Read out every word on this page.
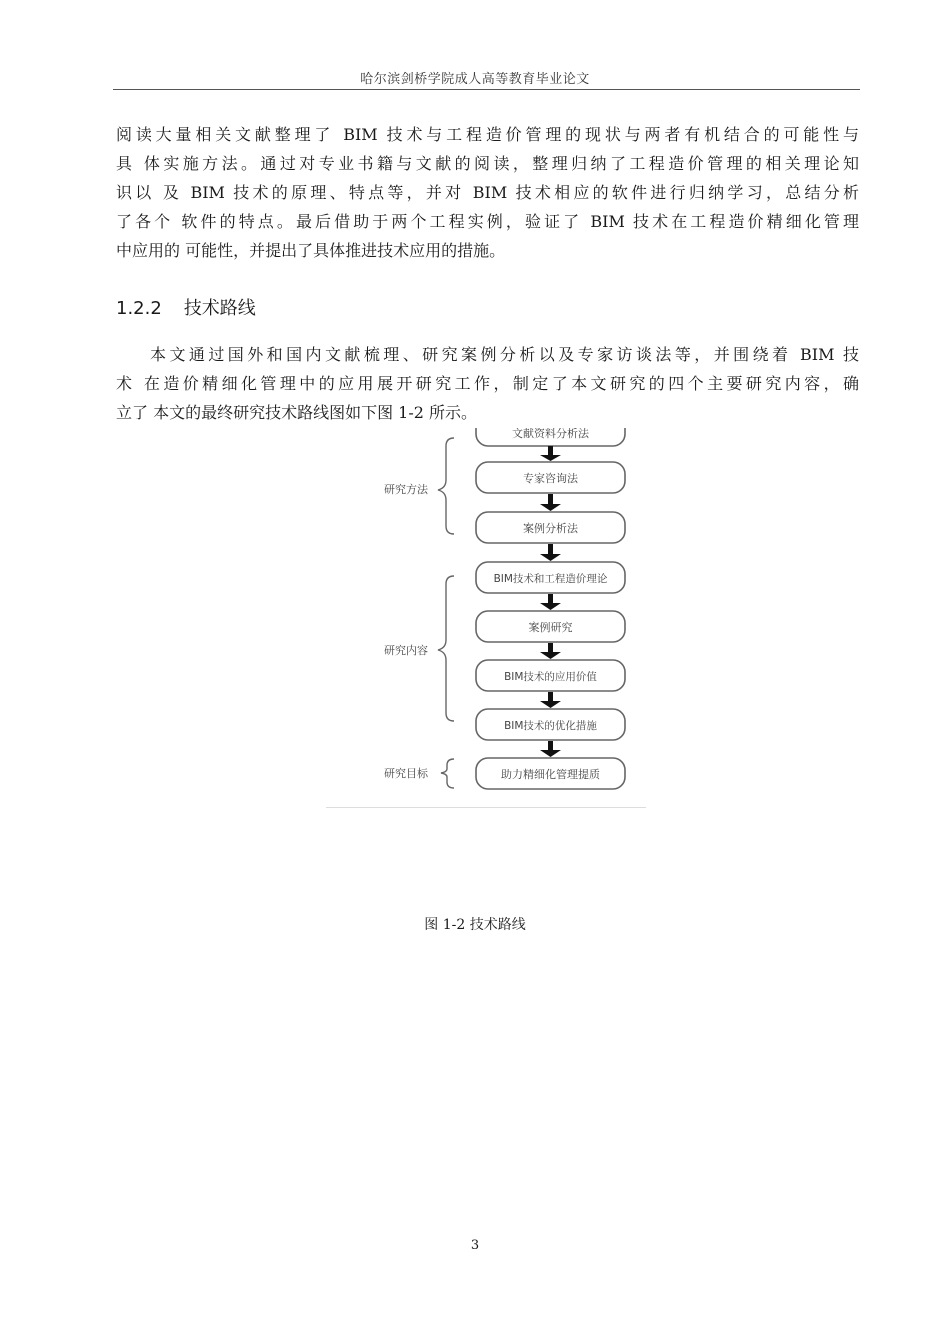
哈尔滨剑桥学院成人高等教育毕业论文
阅读大量相关文献整理了 BIM 技术与工程造价管理的现状与两者有机结合的可能性与
具 体实施方法。通过对专业书籍与文献的阅读，整理归纳了工程造价管理的相关理论知
识以 及 BIM 技术的原理、特点等，并对 BIM 技术相应的软件进行归纳学习，总结分析
了各个 软件的特点。最后借助于两个工程实例，验证了 BIM 技术在工程造价精细化管理
中应用的 可能性，并提出了具体推进技术应用的措施。
1.2.2 技术路线
本文通过国外和国内文献梳理、研究案例分析以及专家访谈法等，并围绕着 BIM 技
术 在造价精细化管理中的应用展开研究工作，制定了本文研究的四个主要研究内容，确
立了 本文的最终研究技术路线图如下图 1-2 所示。
研究方法
研究内容
研究目标
文献资料分析法
专家咨询法
案例分析法
BIM技术和工程造价理论
案例研究
BIM技术的应用价值
BIM技术的优化措施
助力精细化管理提质
图 1-2 技术路线
3
